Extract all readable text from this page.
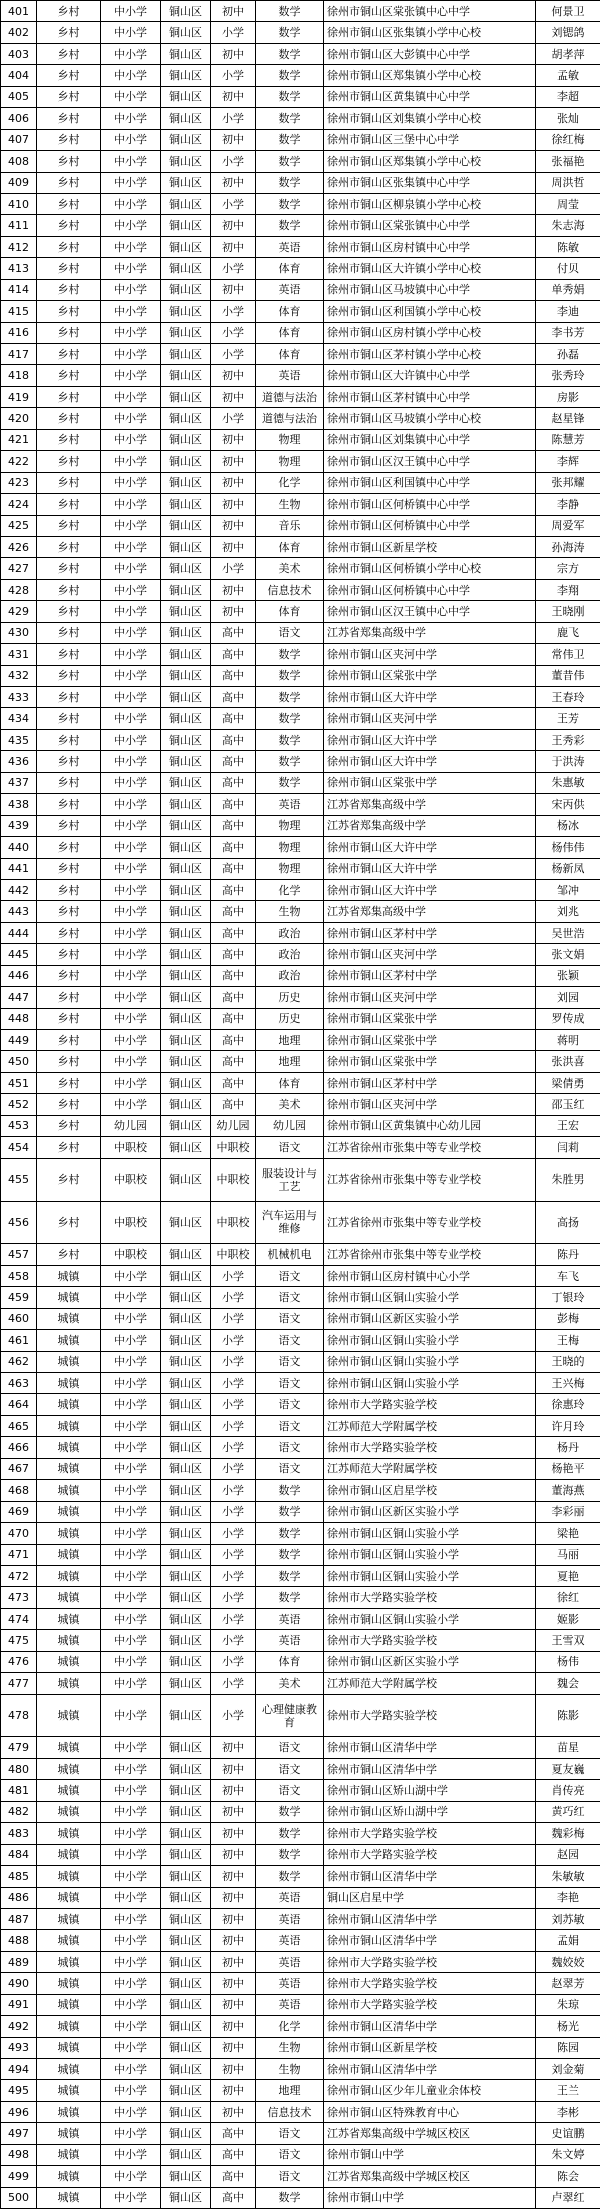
401	乡村	中小学	铜山区	初中	数学	徐州市铜山区棠张镇中心中学	何景卫
402	乡村	中小学	铜山区	小学	数学	徐州市铜山区张集镇小学中心校	刘锶鸽
403	乡村	中小学	铜山区	初中	数学	徐州市铜山区大彭镇中心中学	胡孝萍
404	乡村	中小学	铜山区	小学	数学	徐州市铜山区郑集镇小学中心校	孟敏
405	乡村	中小学	铜山区	初中	数学	徐州市铜山区黄集镇中心中学	李超
406	乡村	中小学	铜山区	小学	数学	徐州市铜山区刘集镇小学中心校	张灿
407	乡村	中小学	铜山区	初中	数学	徐州市铜山区三堡中心中学	徐红梅
408	乡村	中小学	铜山区	小学	数学	徐州市铜山区郑集镇小学中心校	张福艳
409	乡村	中小学	铜山区	初中	数学	徐州市铜山区张集镇中心中学	周洪哲
410	乡村	中小学	铜山区	小学	数学	徐州市铜山区柳泉镇小学中心校	周莹
411	乡村	中小学	铜山区	初中	数学	徐州市铜山区棠张镇中心中学	朱志海
412	乡村	中小学	铜山区	初中	英语	徐州市铜山区房村镇中心中学	陈敏
413	乡村	中小学	铜山区	小学	体育	徐州市铜山区大许镇小学中心校	付贝
414	乡村	中小学	铜山区	初中	英语	徐州市铜山区马坡镇中心中学	单秀娟
415	乡村	中小学	铜山区	小学	体育	徐州市铜山区利国镇小学中心校	李迪
416	乡村	中小学	铜山区	小学	体育	徐州市铜山区房村镇小学中心校	李书芳
417	乡村	中小学	铜山区	小学	体育	徐州市铜山区茅村镇小学中心校	孙磊
418	乡村	中小学	铜山区	初中	英语	徐州市铜山区大许镇中心中学	张秀玲
419	乡村	中小学	铜山区	初中	道德与法治	徐州市铜山区茅村镇中心中学	房影
420	乡村	中小学	铜山区	小学	道德与法治	徐州市铜山区马坡镇小学中心校	赵星锋
421	乡村	中小学	铜山区	初中	物理	徐州市铜山区刘集镇中心中学	陈慧芳
422	乡村	中小学	铜山区	初中	物理	徐州市铜山区汉王镇中心中学	李辉
423	乡村	中小学	铜山区	初中	化学	徐州市铜山区利国镇中心中学	张邦耀
424	乡村	中小学	铜山区	初中	生物	徐州市铜山区何桥镇中心中学	李静
425	乡村	中小学	铜山区	初中	音乐	徐州市铜山区何桥镇中心中学	周爱军
426	乡村	中小学	铜山区	初中	体育	徐州市铜山区新星学校	孙海涛
427	乡村	中小学	铜山区	小学	美术	徐州市铜山区何桥镇小学中心校	宗方
428	乡村	中小学	铜山区	初中	信息技术	徐州市铜山区何桥镇中心中学	李翔
429	乡村	中小学	铜山区	初中	体育	徐州市铜山区汉王镇中心中学	王晓刚
430	乡村	中小学	铜山区	高中	语文	江苏省郑集高级中学	鹿飞
431	乡村	中小学	铜山区	高中	数学	徐州市铜山区夹河中学	常伟卫
432	乡村	中小学	铜山区	高中	数学	徐州市铜山区棠张中学	董昔伟
433	乡村	中小学	铜山区	高中	数学	徐州市铜山区大许中学	王春玲
434	乡村	中小学	铜山区	高中	数学	徐州市铜山区夹河中学	王芳
435	乡村	中小学	铜山区	高中	数学	徐州市铜山区大许中学	王秀彩
436	乡村	中小学	铜山区	高中	数学	徐州市铜山区大许中学	于洪涛
437	乡村	中小学	铜山区	高中	数学	徐州市铜山区棠张中学	朱惠敏
438	乡村	中小学	铜山区	高中	英语	江苏省郑集高级中学	宋丙供
439	乡村	中小学	铜山区	高中	物理	江苏省郑集高级中学	杨冰
440	乡村	中小学	铜山区	高中	物理	徐州市铜山区大许中学	杨伟伟
441	乡村	中小学	铜山区	高中	物理	徐州市铜山区大许中学	杨新凤
442	乡村	中小学	铜山区	高中	化学	徐州市铜山区大许中学	邹冲
443	乡村	中小学	铜山区	高中	生物	江苏省郑集高级中学	刘兆
444	乡村	中小学	铜山区	高中	政治	徐州市铜山区茅村中学	吴世浩
445	乡村	中小学	铜山区	高中	政治	徐州市铜山区夹河中学	张文娟
446	乡村	中小学	铜山区	高中	政治	徐州市铜山区茅村中学	张颖
447	乡村	中小学	铜山区	高中	历史	徐州市铜山区夹河中学	刘园
448	乡村	中小学	铜山区	高中	历史	徐州市铜山区棠张中学	罗传成
449	乡村	中小学	铜山区	高中	地理	徐州市铜山区棠张中学	蒋明
450	乡村	中小学	铜山区	高中	地理	徐州市铜山区棠张中学	张洪喜
451	乡村	中小学	铜山区	高中	体育	徐州市铜山区茅村中学	梁倩勇
452	乡村	中小学	铜山区	高中	美术	徐州市铜山区夹河中学	邵玉红
453	乡村	幼儿园	铜山区	幼儿园	幼儿园	徐州市铜山区黄集镇中心幼儿园	王宏
454	乡村	中职校	铜山区	中职校	语文	江苏省徐州市张集中等专业学校	闫莉
455	乡村	中职校	铜山区	中职校	服装设计与工艺	江苏省徐州市张集中等专业学校	朱胜男
456	乡村	中职校	铜山区	中职校	汽车运用与维修	江苏省徐州市张集中等专业学校	高扬
457	乡村	中职校	铜山区	中职校	机械机电	江苏省徐州市张集中等专业学校	陈丹
458	城镇	中小学	铜山区	小学	语文	徐州市铜山区房村镇中心小学	车飞
459	城镇	中小学	铜山区	小学	语文	徐州市铜山区铜山实验小学	丁银玲
460	城镇	中小学	铜山区	小学	语文	徐州市铜山区新区实验小学	彭梅
461	城镇	中小学	铜山区	小学	语文	徐州市铜山区铜山实验小学	王梅
462	城镇	中小学	铜山区	小学	语文	徐州市铜山区铜山实验小学	王晓的
463	城镇	中小学	铜山区	小学	语文	徐州市铜山区铜山实验小学	王兴梅
464	城镇	中小学	铜山区	小学	语文	徐州市大学路实验学校	徐惠玲
465	城镇	中小学	铜山区	小学	语文	江苏师范大学附属学校	许月玲
466	城镇	中小学	铜山区	小学	语文	徐州市大学路实验学校	杨丹
467	城镇	中小学	铜山区	小学	语文	江苏师范大学附属学校	杨艳平
468	城镇	中小学	铜山区	小学	数学	徐州市铜山区启星学校	董海燕
469	城镇	中小学	铜山区	小学	数学	徐州市铜山区新区实验小学	李彩丽
470	城镇	中小学	铜山区	小学	数学	徐州市铜山区铜山实验小学	梁艳
471	城镇	中小学	铜山区	小学	数学	徐州市铜山区铜山实验小学	马丽
472	城镇	中小学	铜山区	小学	数学	徐州市铜山区铜山实验小学	夏艳
473	城镇	中小学	铜山区	小学	数学	徐州市大学路实验学校	徐红
474	城镇	中小学	铜山区	小学	英语	徐州市铜山区铜山实验小学	姬影
475	城镇	中小学	铜山区	小学	英语	徐州市大学路实验学校	王雪双
476	城镇	中小学	铜山区	小学	体育	徐州市铜山区新区实验小学	杨伟
477	城镇	中小学	铜山区	小学	美术	江苏师范大学附属学校	魏会
478	城镇	中小学	铜山区	小学	心理健康教育	徐州市大学路实验学校	陈影
479	城镇	中小学	铜山区	初中	语文	徐州市铜山区清华中学	苗星
480	城镇	中小学	铜山区	初中	语文	徐州市铜山区清华中学	夏友巍
481	城镇	中小学	铜山区	初中	语文	徐州市铜山区矫山湖中学	肖传亮
482	城镇	中小学	铜山区	初中	数学	徐州市铜山区矫山湖中学	黄巧红
483	城镇	中小学	铜山区	初中	数学	徐州市大学路实验学校	魏彩梅
484	城镇	中小学	铜山区	初中	数学	徐州市大学路实验学校	赵园
485	城镇	中小学	铜山区	初中	数学	徐州市铜山区清华中学	朱敏敏
486	城镇	中小学	铜山区	初中	英语	铜山区启星中学	李艳
487	城镇	中小学	铜山区	初中	英语	徐州市铜山区清华中学	刘苏敏
488	城镇	中小学	铜山区	初中	英语	徐州市铜山区清华中学	孟娟
489	城镇	中小学	铜山区	初中	英语	徐州市大学路实验学校	魏姣姣
490	城镇	中小学	铜山区	初中	英语	徐州市大学路实验学校	赵翠芳
491	城镇	中小学	铜山区	初中	英语	徐州市大学路实验学校	朱琼
492	城镇	中小学	铜山区	初中	化学	徐州市铜山区清华中学	杨光
493	城镇	中小学	铜山区	初中	生物	徐州市铜山区新星学校	陈园
494	城镇	中小学	铜山区	初中	生物	徐州市铜山区清华中学	刘金菊
495	城镇	中小学	铜山区	初中	地理	徐州市铜山区少年儿童业余体校	王兰
496	城镇	中小学	铜山区	初中	信息技术	徐州市铜山区特殊教育中心	李彬
497	城镇	中小学	铜山区	高中	语文	江苏省郑集高级中学城区校区	史谊鹏
498	城镇	中小学	铜山区	高中	语文	徐州市铜山中学	朱文婷
499	城镇	中小学	铜山区	高中	语文	江苏省郑集高级中学城区校区	陈会
500	城镇	中小学	铜山区	高中	数学	徐州市铜山中学	卢翠红
